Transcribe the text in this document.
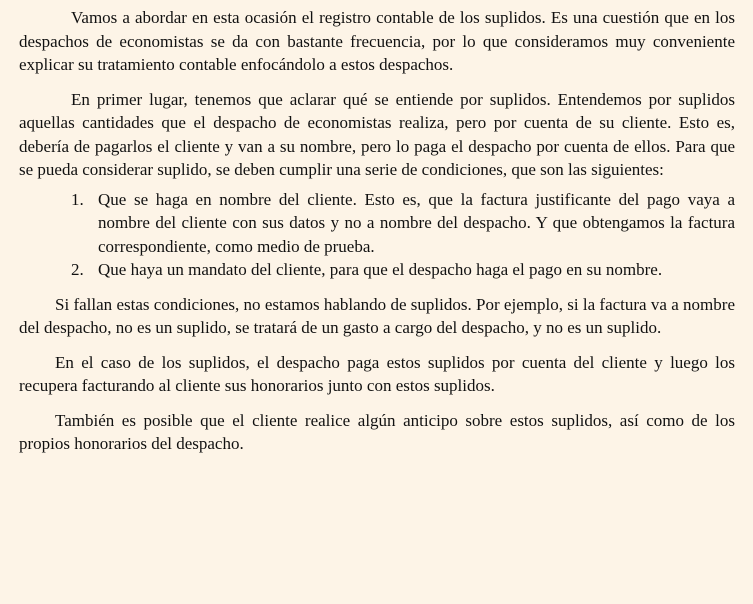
Vamos a abordar en esta ocasión el registro contable de los suplidos. Es una cuestión que en los despachos de economistas se da con bastante frecuencia, por lo que consideramos muy conveniente explicar su tratamiento contable enfocándolo a estos despachos.

En primer lugar, tenemos que aclarar qué se entiende por suplidos. Entendemos por suplidos aquellas cantidades que el despacho de economistas realiza, pero por cuenta de su cliente. Esto es, debería de pagarlos el cliente y van a su nombre, pero lo paga el despacho por cuenta de ellos. Para que se pueda considerar suplido, se deben cumplir una serie de condiciones, que son las siguientes:

1. Que se haga en nombre del cliente. Esto es, que la factura justificante del pago vaya a nombre del cliente con sus datos y no a nombre del despacho. Y que obtengamos la factura correspondiente, como medio de prueba.
2. Que haya un mandato del cliente, para que el despacho haga el pago en su nombre.

Si fallan estas condiciones, no estamos hablando de suplidos. Por ejemplo, si la factura va a nombre del despacho, no es un suplido, se tratará de un gasto a cargo del despacho, y no es un suplido.

En el caso de los suplidos, el despacho paga estos suplidos por cuenta del cliente y luego los recupera facturando al cliente sus honorarios junto con estos suplidos.

También es posible que el cliente realice algún anticipo sobre estos suplidos, así como de los propios honorarios del despacho.
